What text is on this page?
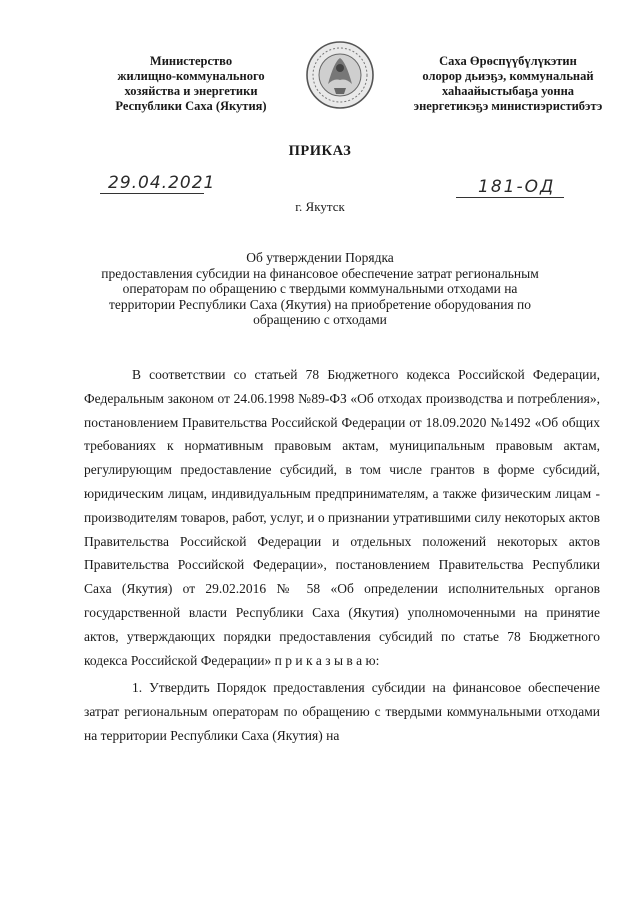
Министерство
жилищно-коммунального
хозяйства и энергетики
Республики Саха (Якутия)
Саха Өрөспүүбүлүкэтин
олорор дьиэҕэ, коммунальнай
хаһаайыстыбаҕа уонна
энергетикэҕэ министиэристибэтэ
ПРИКАЗ
29.04.2021	181-ОД
г. Якутск
Об утверждении Порядка
предоставления субсидии на финансовое обеспечение затрат региональным
операторам по обращению с твердыми коммунальными отходами на
территории Республики Саха (Якутия) на приобретение оборудования по
обращению с отходами

В соответствии со статьей 78 Бюджетного кодекса Российской Федерации, Федеральным законом от 24.06.1998 №89-ФЗ «Об отходах производства и потребления», постановлением Правительства Российской Федерации от 18.09.2020 №1492 «Об общих требованиях к нормативным правовым актам, муниципальным правовым актам, регулирующим предоставление субсидий, в том числе грантов в форме субсидий, юридическим лицам, индивидуальным предпринимателям, а также физическим лицам - производителям товаров, работ, услуг, и о признании утратившими силу некоторых актов Правительства Российской Федерации и отдельных положений некоторых актов Правительства Российской Федерации», постановлением Правительства Республики Саха (Якутия) от 29.02.2016 № 58 «Об определении исполнительных органов государственной власти Республики Саха (Якутия) уполномоченными на принятие актов, утверждающих порядки предоставления субсидий по статье 78 Бюджетного кодекса Российской Федерации» п р и к а з ы в а ю:

1. Утвердить Порядок предоставления субсидии на финансовое обеспечение затрат региональным операторам по обращению с твердыми коммунальными отходами на территории Республики Саха (Якутия) на
